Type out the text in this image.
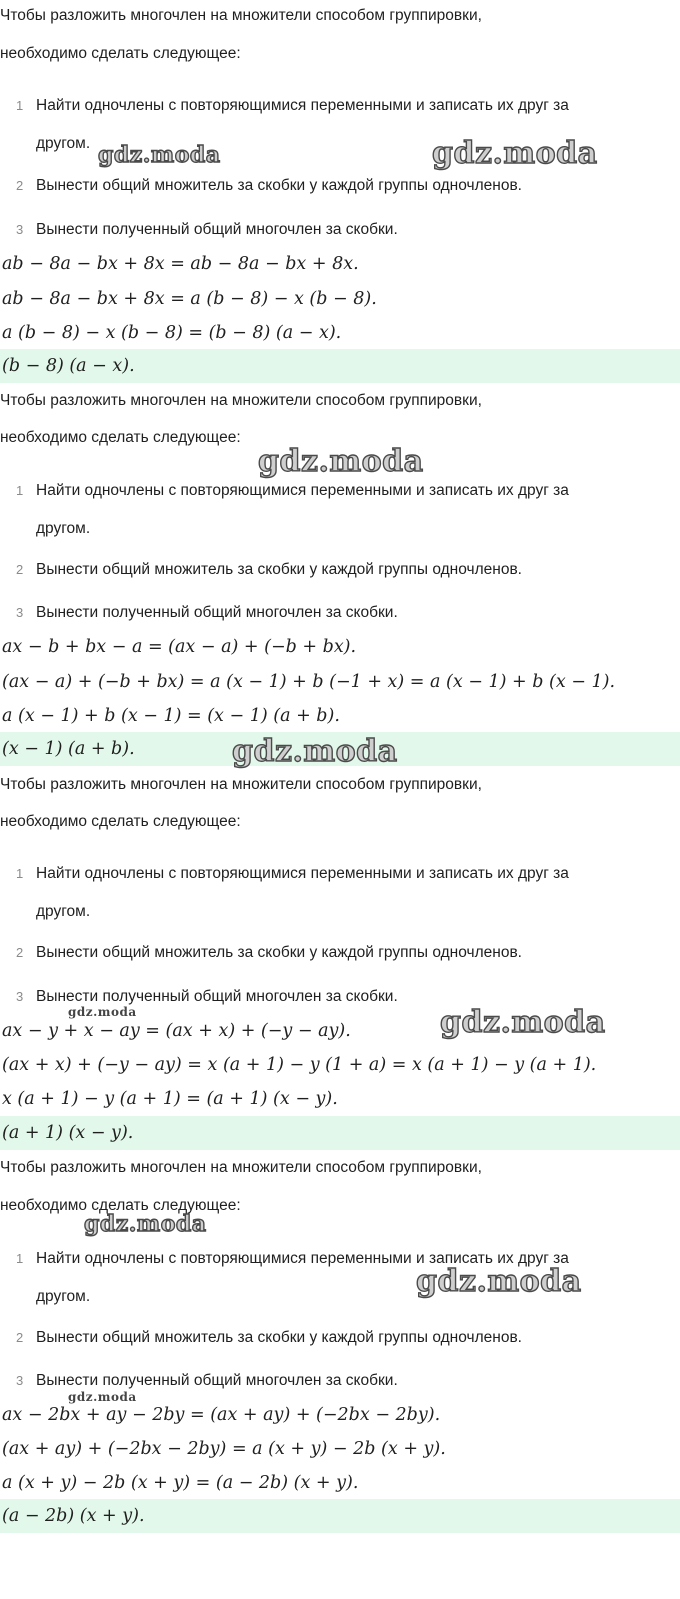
Чтобы разложить многочлен на множители способом группировки,
необходимо сделать следующее:
1 Найти одночлены с повторяющимися переменными и записать их друг за
другом.
2 Вынести общий множитель за скобки у каждой группы одночленов.
3 Вынести полученный общий многочлен за скобки.
ab − 8a − bx + 8x = ab − 8a − bx + 8x.
ab − 8a − bx + 8x = a (b − 8) − x (b − 8).
a (b − 8) − x (b − 8) = (b − 8) (a − x).
(b − 8) (a − x).
Чтобы разложить многочлен на множители способом группировки,
необходимо сделать следующее:
1 Найти одночлены с повторяющимися переменными и записать их друг за
другом.
2 Вынести общий множитель за скобки у каждой группы одночленов.
3 Вынести полученный общий многочлен за скобки.
ax − b + bx − a = (ax − a) + (−b + bx).
(ax − a) + (−b + bx) = a (x − 1) + b (−1 + x) = a (x − 1) + b (x − 1).
a (x − 1) + b (x − 1) = (x − 1) (a + b).
(x − 1) (a + b).
Чтобы разложить многочлен на множители способом группировки,
необходимо сделать следующее:
1 Найти одночлены с повторяющимися переменными и записать их друг за
другом.
2 Вынести общий множитель за скобки у каждой группы одночленов.
3 Вынести полученный общий многочлен за скобки.
ax − y + x − ay = (ax + x) + (−y − ay).
(ax + x) + (−y − ay) = x (a + 1) − y (1 + a) = x (a + 1) − y (a + 1).
x (a + 1) − y (a + 1) = (a + 1) (x − y).
(a + 1) (x − y).
Чтобы разложить многочлен на множители способом группировки,
необходимо сделать следующее:
1 Найти одночлены с повторяющимися переменными и записать их друг за
другом.
2 Вынести общий множитель за скобки у каждой группы одночленов.
3 Вынести полученный общий многочлен за скобки.
ax − 2bx + ay − 2by = (ax + ay) + (−2bx − 2by).
(ax + ay) + (−2bx − 2by) = a (x + y) − 2b (x + y).
a (x + y) − 2b (x + y) = (a − 2b) (x + y).
(a − 2b) (x + y).
gdz.moda	gdz.moda
gdz.moda
gdz.moda
gdz.moda
gdz.moda
gdz.moda
gdz.moda
gdz.moda
